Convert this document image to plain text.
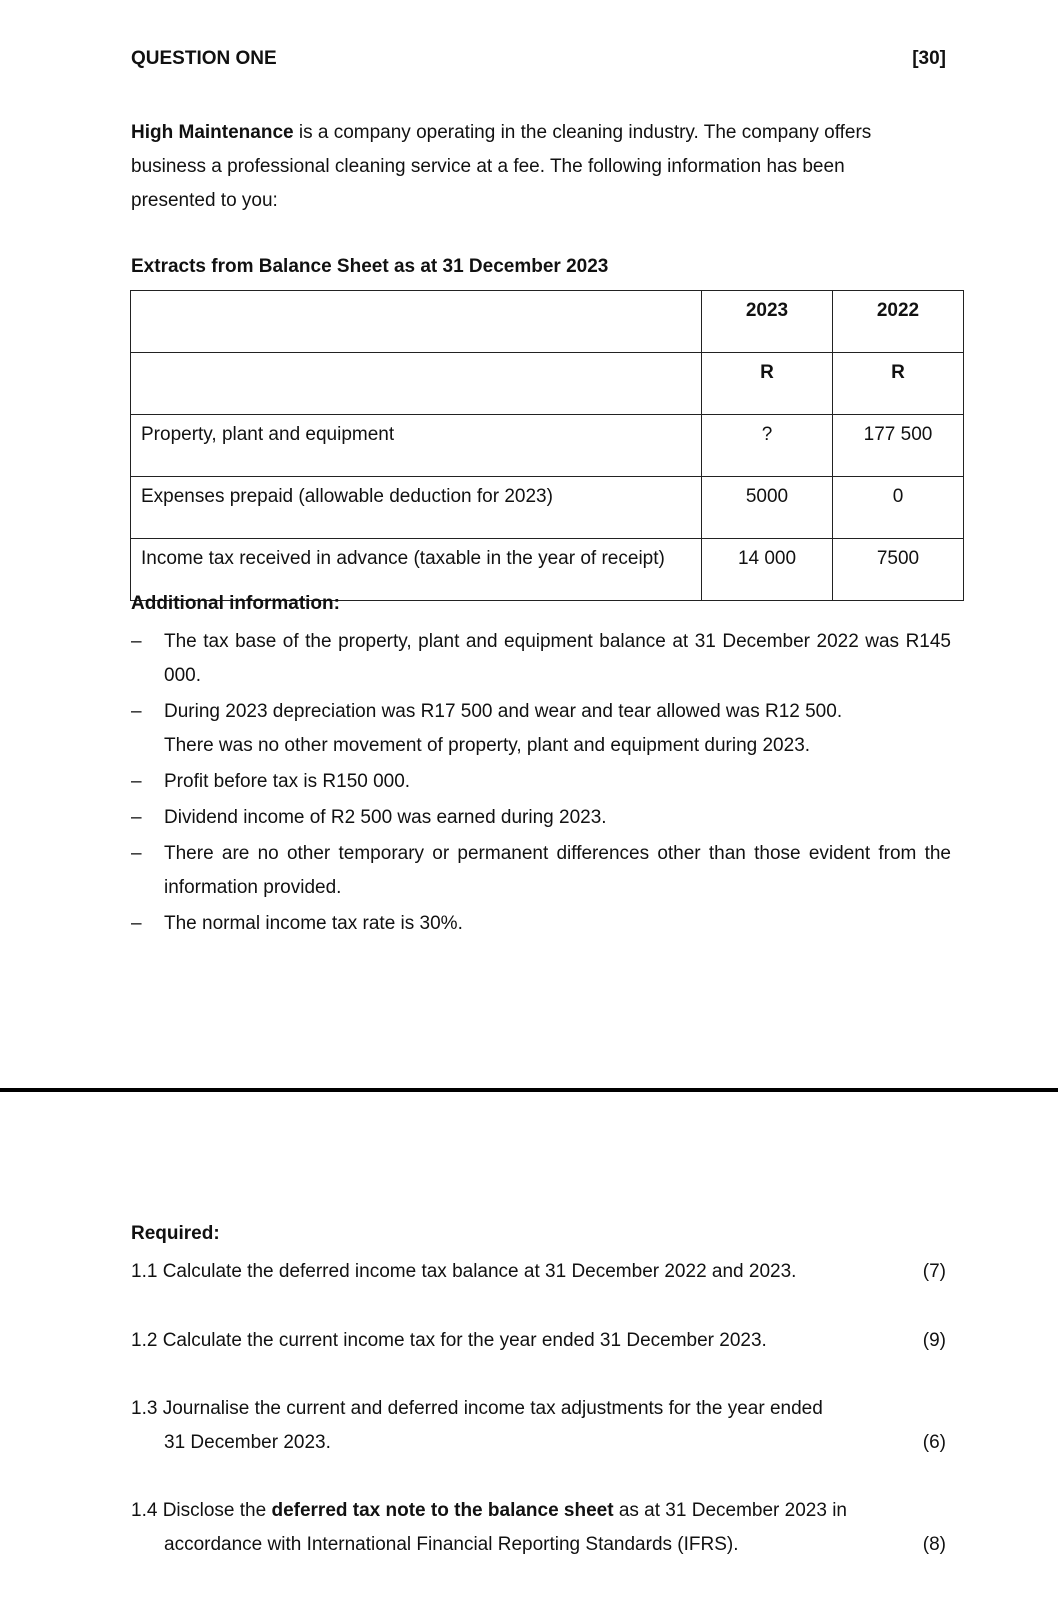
QUESTION ONE	[30]
High Maintenance is a company operating in the cleaning industry. The company offers
business a professional cleaning service at a fee. The following information has been
presented to you:
Extracts from Balance Sheet as at 31 December 2023
	2023	2022
	R	R
Property, plant and equipment	?	177 500
Expenses prepaid (allowable deduction for 2023)	5000	0
Income tax received in advance (taxable in the year of receipt)	14 000	7500
Additional information:
– The tax base of the property, plant and equipment balance at 31 December 2022 was R145 000.
– During 2023 depreciation was R17 500 and wear and tear allowed was R12 500.
There was no other movement of property, plant and equipment during 2023.
– Profit before tax is R150 000.
– Dividend income of R2 500 was earned during 2023.
– There are no other temporary or permanent differences other than those evident from the information provided.
– The normal income tax rate is 30%.
Required:
1.1 Calculate the deferred income tax balance at 31 December 2022 and 2023.	(7)
1.2 Calculate the current income tax for the year ended 31 December 2023.	(9)
1.3 Journalise the current and deferred income tax adjustments for the year ended
31 December 2023.	(6)
1.4 Disclose the deferred tax note to the balance sheet as at 31 December 2023 in
accordance with International Financial Reporting Standards (IFRS).	(8)
